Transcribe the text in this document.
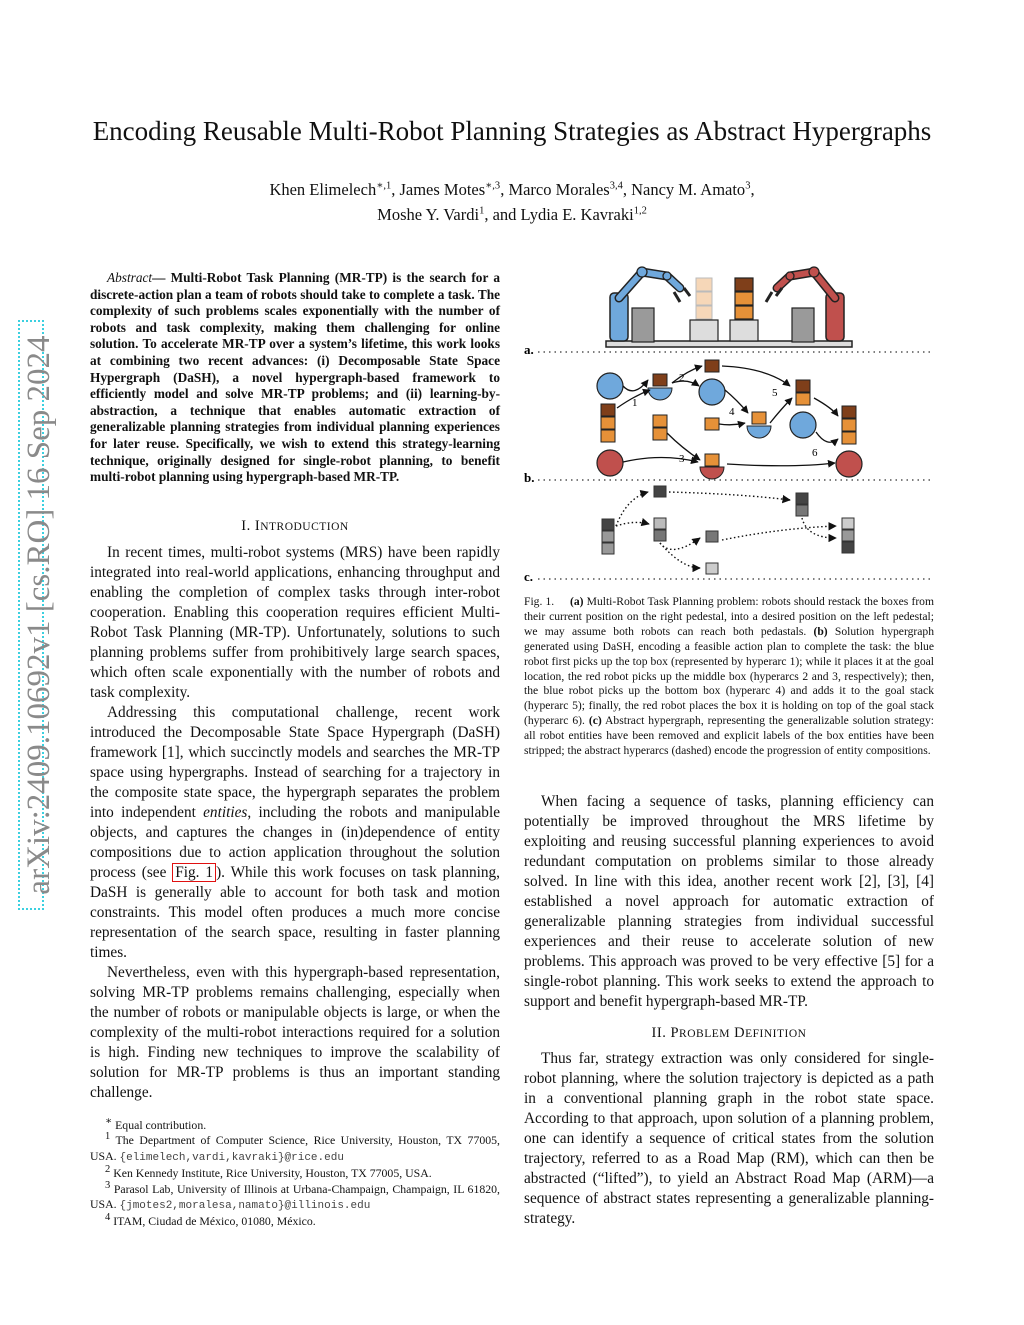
arXiv:2409.10692v1 [cs.RO] 16 Sep 2024
Encoding Reusable Multi-Robot Planning Strategies as Abstract Hypergraphs
Khen Elimelech$^{∗,1}$, James Motes$^{∗,3}$, Marco Morales$^{3,4}$, Nancy M. Amato$^3$,
Moshe Y. Vardi$^1$, and Lydia E. Kavraki$^{1,2}$
Abstract— Multi-Robot Task Planning (MR-TP) is the search for a discrete-action plan a team of robots should take to complete a task. The complexity of such problems scales exponentially with the number of robots and task complexity, making them challenging for online solution. To accelerate MR-TP over a system’s lifetime, this work looks at combining two recent advances: (i) Decomposable State Space Hypergraph (DaSH), a novel hypergraph-based framework to efficiently model and solve MR-TP problems; and (ii) learning-by-abstraction, a technique that enables automatic extraction of generalizable planning strategies from individual planning experiences for later reuse. Specifically, we wish to extend this strategy-learning technique, originally designed for single-robot planning, to benefit multi-robot planning using hypergraph-based MR-TP.
I. INTRODUCTION

In recent times, multi-robot systems (MRS) have been rapidly integrated into real-world applications, enhancing throughput and enabling the completion of complex tasks through inter-robot cooperation. Enabling this cooperation requires efficient Multi-Robot Task Planning (MR-TP). Unfortunately, solutions to such planning problems suffer from prohibitively large search spaces, which often scale exponentially with the number of robots and task complexity.

Addressing this computational challenge, recent work introduced the Decomposable State Space Hypergraph (DaSH) framework [1], which succinctly models and searches the MR-TP space using hypergraphs. Instead of searching for a trajectory in the composite state space, the hypergraph separates the problem into independent entities, including the robots and manipulable objects, and captures the changes in (in)dependence of entity compositions due to action application throughout the solution process (see Fig. 1 ). While this work focuses on task planning, DaSH is generally able to account for both task and motion constraints. This model often produces a much more concise representation of the search space, resulting in faster planning times.

Nevertheless, even with this hypergraph-based representation, solving MR-TP problems remains challenging, especially when the number of robots or manipulable objects is large, or when the complexity of the multi-robot interactions required for a solution is high. Finding new techniques to improve the scalability of solution for MR-TP problems is thus an important standing challenge.

∗ Equal contribution.
$^1$ The Department of Computer Science, Rice University, Houston, TX 77005, USA. {elimelech,vardi,kavraki}@rice.edu
$^2$ Ken Kennedy Institute, Rice University, Houston, TX 77005, USA.
$^3$ Parasol Lab, University of Illinois at Urbana-Champaign, Champaign, IL 61820, USA. {jmotes2,moralesa,namato}@illinois.edu
$^4$ ITAM, Ciudad de México, 01080, México.
a.
1
2
3
4
5
6
b.
c.
Fig. 1. (a) Multi-Robot Task Planning problem: robots should restack the boxes from their current position on the right pedestal, into a desired position on the left pedestal; we may assume both robots can reach both pedastals. (b) Solution hypergraph generated using DaSH, encoding a feasible action plan to complete the task: the blue robot first picks up the top box (represented by hyperarc 1); while it places it at the goal location, the red robot picks up the middle box (hyperarcs 2 and 3, respectively); then, the blue robot picks up the bottom box (hyperarc 4) and adds it to the goal stack (hyperarc 5); finally, the red robot places the box it is holding on top of the goal stack (hyperarc 6). (c) Abstract hypergraph, representing the generalizable solution strategy: all robot entities have been removed and explicit labels of the box entities have been stripped; the abstract hyperarcs (dashed) encode the progression of entity compositions.

When facing a sequence of tasks, planning efficiency can potentially be improved throughout the MRS lifetime by exploiting and reusing successful planning experiences to avoid redundant computation on problems similar to those already solved. In line with this idea, another recent work [2], [3], [4] established a novel approach for automatic extraction of generalizable planning strategies from individual successful experiences and their reuse to accelerate solution of new problems. This approach was proved to be very effective [5] for a single-robot planning. This work seeks to extend the approach to support and benefit hypergraph-based MR-TP.

II. PROBLEM DEFINITION

Thus far, strategy extraction was only considered for single-robot planning, where the solution trajectory is depicted as a path in a conventional planning graph in the robot state space. According to that approach, upon solution of a planning problem, one can identify a sequence of critical states from the solution trajectory, referred to as a Road Map (RM), which can then be abstracted (“lifted”), to yield an Abstract Road Map (ARM)—a sequence of abstract states representing a generalizable planning-strategy.
